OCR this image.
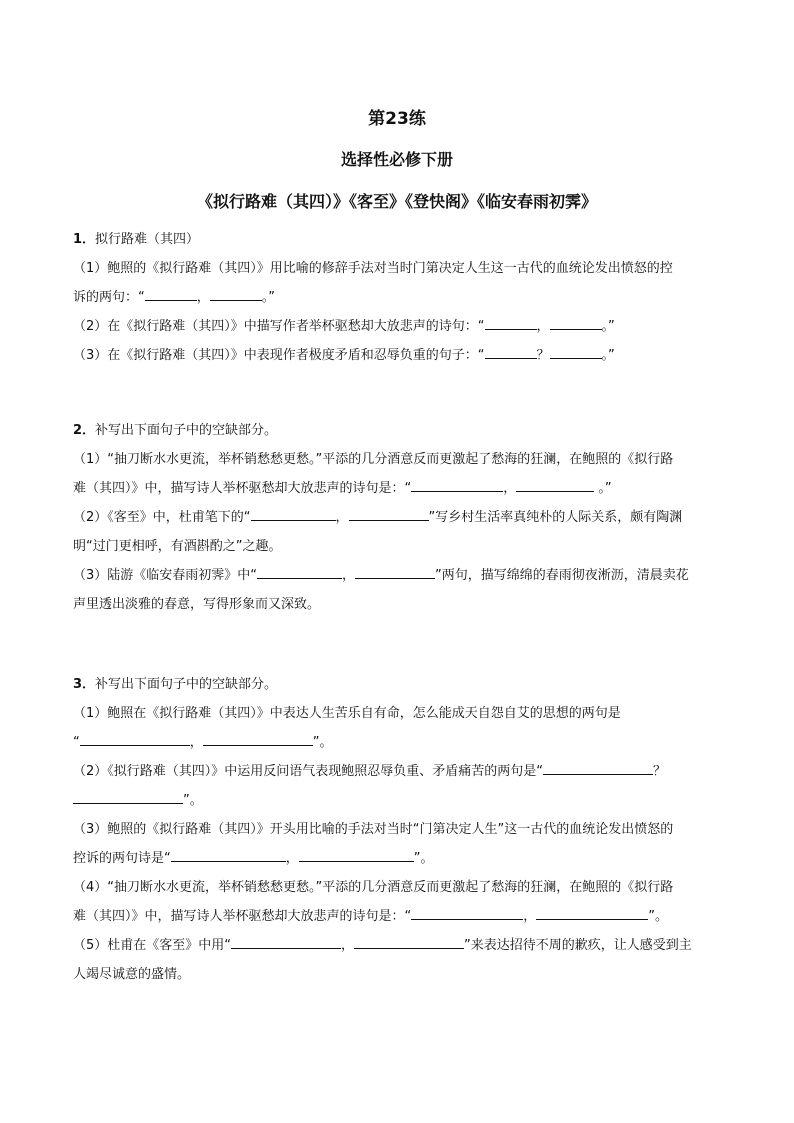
第23练
选择性必修下册
《拟行路难（其四）》《客至》《登快阁》《临安春雨初霁》
1．拟行路难（其四）
（1）鲍照的《拟行路难（其四）》用比喻的修辞手法对当时门第决定人生这一古代的血统论发出愤怒的控
诉的两句：“	，	。”
（2）在《拟行路难（其四）》中描写作者举杯驱愁却大放悲声的诗句：“	，	。”
（3）在《拟行路难（其四）》中表现作者极度矛盾和忍辱负重的句子：“	？	。”
2．补写出下面句子中的空缺部分。
（1）“抽刀断水水更流，举杯销愁愁更愁。”平添的几分酒意反而更激起了愁海的狂澜，在鲍照的《拟行路
难（其四）》中，描写诗人举杯驱愁却大放悲声的诗句是：“	，	。”
（2）《客至》中，杜甫笔下的“	，	”写乡村生活率真纯朴的人际关系，颇有陶渊
明“过门更相呼，有酒斟酌之”之趣。
（3）陆游《临安春雨初霁》中“	，	”两句，描写绵绵的春雨彻夜淅沥，清晨卖花
声里透出淡雅的春意，写得形象而又深致。
3．补写出下面句子中的空缺部分。
（1）鲍照在《拟行路难（其四）》中表达人生苦乐自有命，怎么能成天自怨自艾的思想的两句是
“	，	”。
（2）《拟行路难（其四）》中运用反问语气表现鲍照忍辱负重、矛盾痛苦的两句是“	？
”。
（3）鲍照的《拟行路难（其四）》开头用比喻的手法对当时“门第决定人生”这一古代的血统论发出愤怒的
控诉的两句诗是“	，	”。
（4）“抽刀断水水更流，举杯销愁愁更愁。”平添的几分酒意反而更激起了愁海的狂澜，在鲍照的《拟行路
难（其四）》中，描写诗人举杯驱愁却大放悲声的诗句是：“	，	”。
（5）杜甫在《客至》中用“	，	”来表达招待不周的歉疚，让人感受到主
人竭尽诚意的盛情。
